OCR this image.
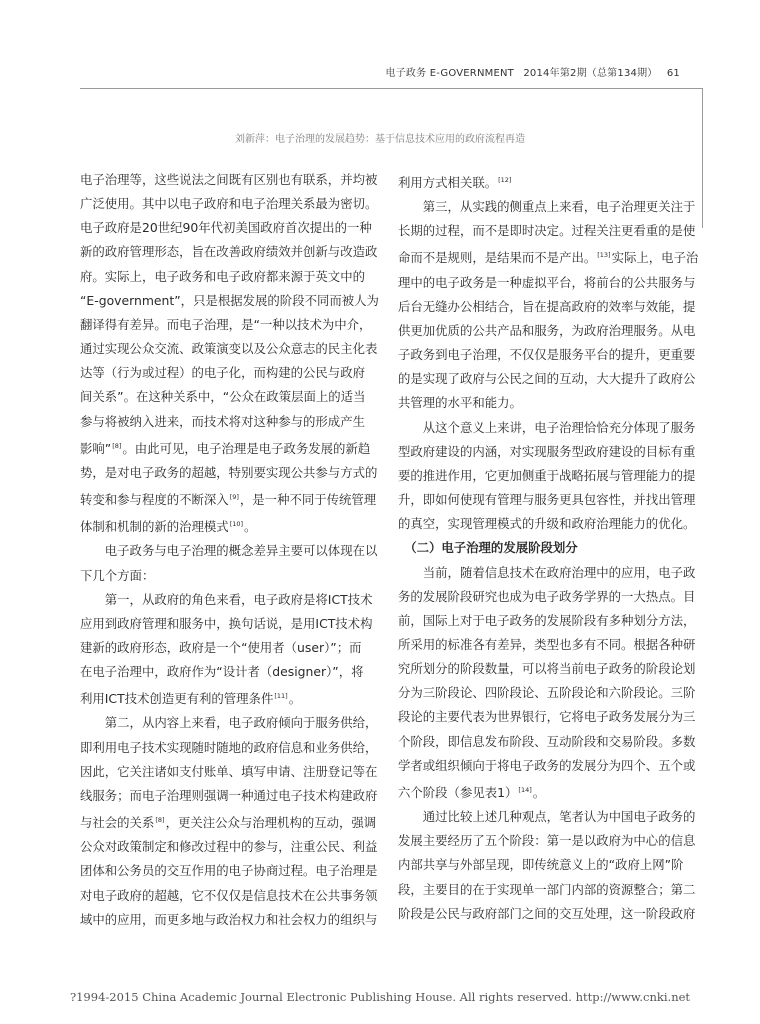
电子政务 E-GOVERNMENT 2014年第2期（总第134期） 61
刘新萍：电子治理的发展趋势：基于信息技术应用的政府流程再造

电子治理等，这些说法之间既有区别也有联系，并均被

广泛使用。其中以电子政府和电子治理关系最为密切。

电子政府是20世纪90年代初美国政府首次提出的一种

新的政府管理形态，旨在改善政府绩效并创新与改造政

府。实际上，电子政务和电子政府都来源于英文中的

“E-government”，只是根据发展的阶段不同而被人为

翻译得有差异。而电子治理，是“一种以技术为中介，

通过实现公众交流、政策演变以及公众意志的民主化表

达等（行为或过程）的电子化，而构建的公民与政府

间关系”。在这种关系中，“公众在政策层面上的适当

参与将被纳入进来，而技术将对这种参与的形成产生

影响”[8]。由此可见，电子治理是电子政务发展的新趋

势，是对电子政务的超越，特别要实现公共参与方式的

转变和参与程度的不断深入[9]，是一种不同于传统管理

体制和机制的新的治理模式[10]。

　　电子政务与电子治理的概念差异主要可以体现在以

下几个方面：

　　第一，从政府的角色来看，电子政府是将ICT技术

应用到政府管理和服务中，换句话说，是用ICT技术构

建新的政府形态，政府是一个“使用者（user）”；而

在电子治理中，政府作为“设计者（designer）”，将

利用ICT技术创造更有利的管理条件[11]。

　　第二，从内容上来看，电子政府倾向于服务供给，

即利用电子技术实现随时随地的政府信息和业务供给，

因此，它关注诸如支付账单、填写申请、注册登记等在

线服务；而电子治理则强调一种通过电子技术构建政府

与社会的关系[8]，更关注公众与治理机构的互动，强调

公众对政策制定和修改过程中的参与，注重公民、利益

团体和公务员的交互作用的电子协商过程。电子治理是

对电子政府的超越，它不仅仅是信息技术在公共事务领

域中的应用，而更多地与政治权力和社会权力的组织与

利用方式相关联。[12]

　　第三，从实践的侧重点上来看，电子治理更关注于

长期的过程，而不是即时决定。过程关注更看重的是使

命而不是规则，是结果而不是产出。[13]实际上，电子治

理中的电子政务是一种虚拟平台，将前台的公共服务与

后台无缝办公相结合，旨在提高政府的效率与效能，提

供更加优质的公共产品和服务，为政府治理服务。从电

子政务到电子治理，不仅仅是服务平台的提升，更重要

的是实现了政府与公民之间的互动，大大提升了政府公

共管理的水平和能力。

　　从这个意义上来讲，电子治理恰恰充分体现了服务

型政府建设的内涵，对实现服务型政府建设的目标有重

要的推进作用，它更加侧重于战略拓展与管理能力的提

升，即如何使现有管理与服务更具包容性，并找出管理

的真空，实现管理模式的升级和政府治理能力的优化。

　（二）电子治理的发展阶段划分

　　当前，随着信息技术在政府治理中的应用，电子政

务的发展阶段研究也成为电子政务学界的一大热点。目

前，国际上对于电子政务的发展阶段有多种划分方法，

所采用的标准各有差异，类型也多有不同。根据各种研

究所划分的阶段数量，可以将当前电子政务的阶段论划

分为三阶段论、四阶段论、五阶段论和六阶段论。三阶

段论的主要代表为世界银行，它将电子政务发展分为三

个阶段，即信息发布阶段、互动阶段和交易阶段。多数

学者或组织倾向于将电子政务的发展分为四个、五个或

六个阶段（参见表1）[14]。

　　通过比较上述几种观点，笔者认为中国电子政务的

发展主要经历了五个阶段：第一是以政府为中心的信息

内部共享与外部呈现，即传统意义上的“政府上网”阶

段，主要目的在于实现单一部门内部的资源整合；第二

阶段是公民与政府部门之间的交互处理，这一阶段政府

?1994-2015 China Academic Journal Electronic Publishing House. All rights reserved. http://www.cnki.net
